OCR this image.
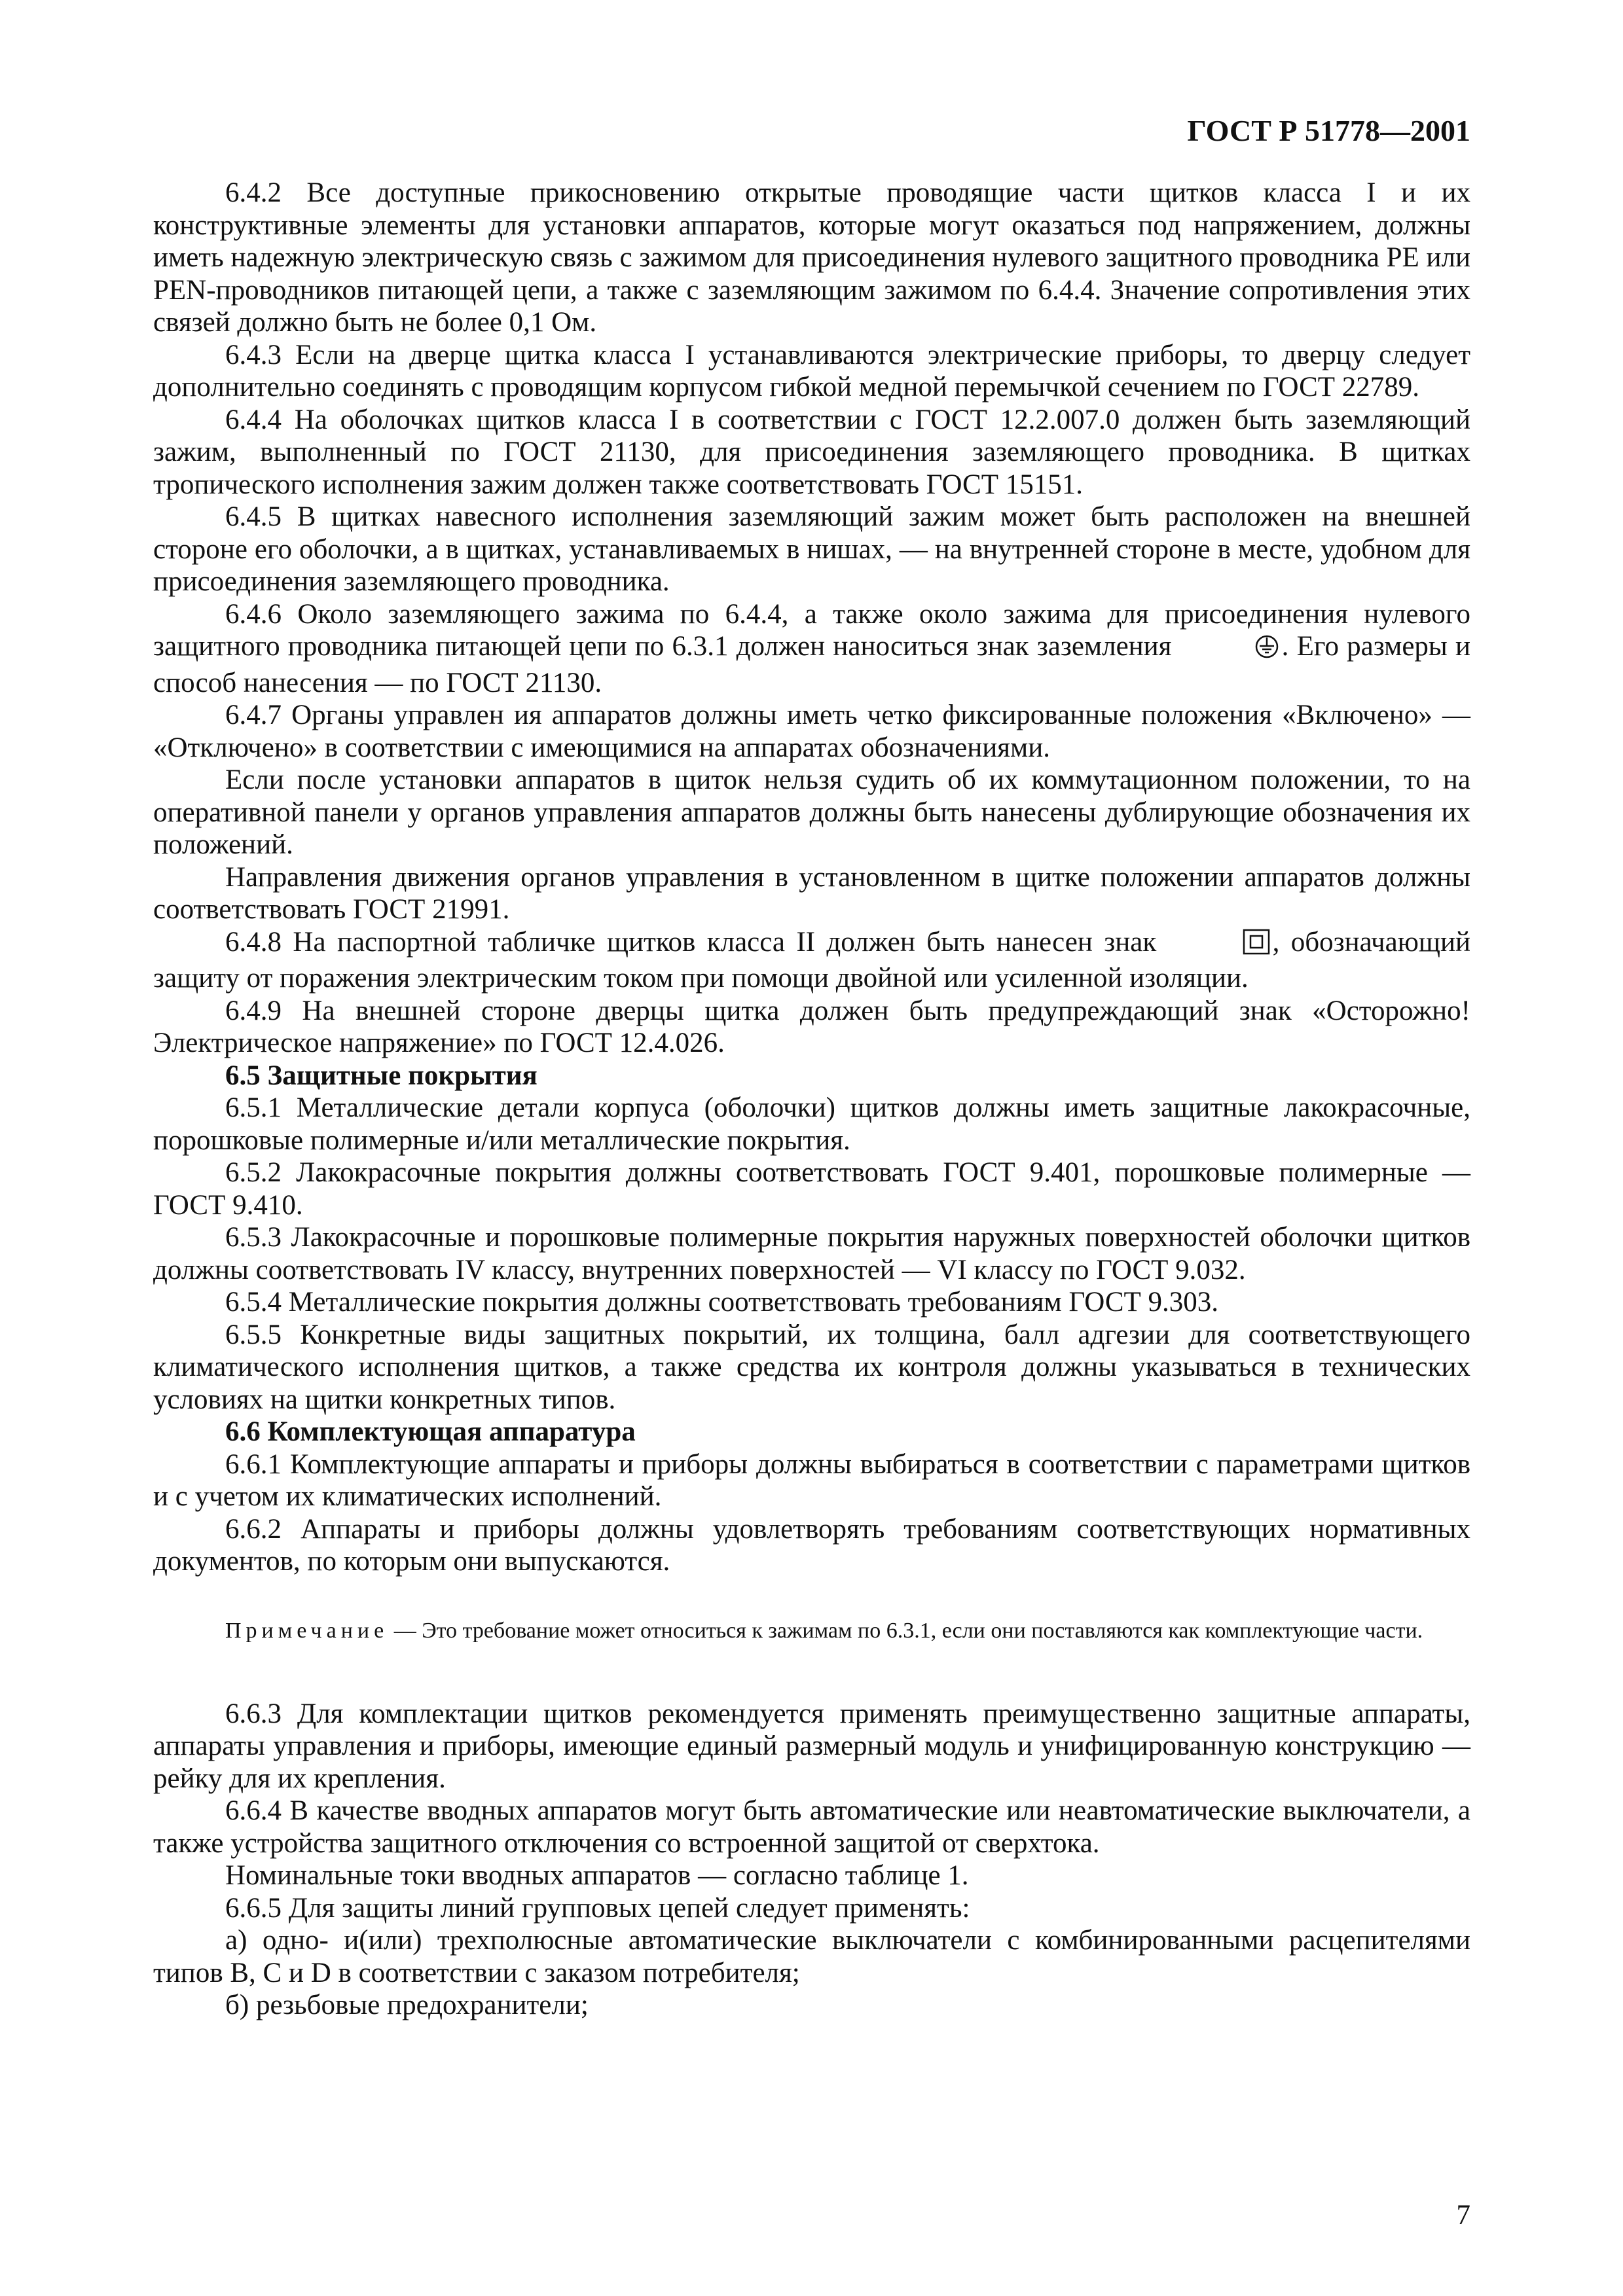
ГОСТ Р 51778—2001

6.4.2 Все доступные прикосновению открытые проводящие части щитков класса I и их конструктивные элементы для установки аппаратов, которые могут оказаться под напряжением, должны иметь надежную электрическую связь с зажимом для присоединения нулевого защитного проводника PE или PEN-проводников питающей цепи, а также с заземляющим зажимом по 6.4.4. Значение сопротивления этих связей должно быть не более 0,1 Ом.

6.4.3 Если на дверце щитка класса I устанавливаются электрические приборы, то дверцу следует дополнительно соединять с проводящим корпусом гибкой медной перемычкой сечением по ГОСТ 22789.

6.4.4 На оболочках щитков класса I в соответствии с ГОСТ 12.2.007.0 должен быть заземляющий зажим, выполненный по ГОСТ 21130, для присоединения заземляющего проводника. В щитках тропического исполнения зажим должен также соответствовать ГОСТ 15151.

6.4.5 В щитках навесного исполнения заземляющий зажим может быть расположен на внешней стороне его оболочки, а в щитках, устанавливаемых в нишах, — на внутренней стороне в месте, удобном для присоединения заземляющего проводника.

6.4.6 Около заземляющего зажима по 6.4.4, а также около зажима для присоединения нулевого защитного проводника питающей цепи по 6.3.1 должен наноситься знак заземления	. Его размеры и способ нанесения — по ГОСТ 21130.

6.4.7 Органы управлен ия аппаратов должны иметь четко фиксированные положения «Включено» — «Отключено» в соответствии с имеющимися на аппаратах обозначениями.

Если после установки аппаратов в щиток нельзя судить об их коммутационном положении, то на оперативной панели у органов управления аппаратов должны быть нанесены дублирующие обозначения их положений.

Направления движения органов управления в установленном в щитке положении аппаратов должны соответствовать ГОСТ 21991.

6.4.8 На паспортной табличке щитков класса II должен быть нанесен знак	, обозначающий защиту от поражения электрическим током при помощи двойной или усиленной изоляции.

6.4.9 На внешней стороне дверцы щитка должен быть предупреждающий знак «Осторожно! Электрическое напряжение» по ГОСТ 12.4.026.

6.5 Защитные покрытия

6.5.1 Металлические детали корпуса (оболочки) щитков должны иметь защитные лакокрасочные, порошковые полимерные и/или металлические покрытия.

6.5.2 Лакокрасочные покрытия должны соответствовать ГОСТ 9.401, порошковые полимерные — ГОСТ 9.410.

6.5.3 Лакокрасочные и порошковые полимерные покрытия наружных поверхностей оболочки щитков должны соответствовать IV классу, внутренних поверхностей — VI классу по ГОСТ 9.032.

6.5.4 Металлические покрытия должны соответствовать требованиям ГОСТ 9.303.

6.5.5 Конкретные виды защитных покрытий, их толщина, балл адгезии для соответствующего климатического исполнения щитков, а также средства их контроля должны указываться в технических условиях на щитки конкретных типов.

6.6 Комплектующая аппаратура

6.6.1 Комплектующие аппараты и приборы должны выбираться в соответствии с параметрами щитков и с учетом их климатических исполнений.

6.6.2 Аппараты и приборы должны удовлетворять требованиям соответствующих нормативных документов, по которым они выпускаются.

Примечание — Это требование может относиться к зажимам по 6.3.1, если они поставляются как комплектующие части.

6.6.3 Для комплектации щитков рекомендуется применять преимущественно защитные аппараты, аппараты управления и приборы, имеющие единый размерный модуль и унифицированную конструкцию — рейку для их крепления.

6.6.4 В качестве вводных аппаратов могут быть автоматические или неавтоматические выключатели, а также устройства защитного отключения со встроенной защитой от сверхтока.

Номинальные токи вводных аппаратов — согласно таблице 1.

6.6.5 Для защиты линий групповых цепей следует применять:

а) одно- и(или) трехполюсные автоматические выключатели с комбинированными расцепителями типов B, C и D в соответствии с заказом потребителя;

б) резьбовые предохранители;

7
